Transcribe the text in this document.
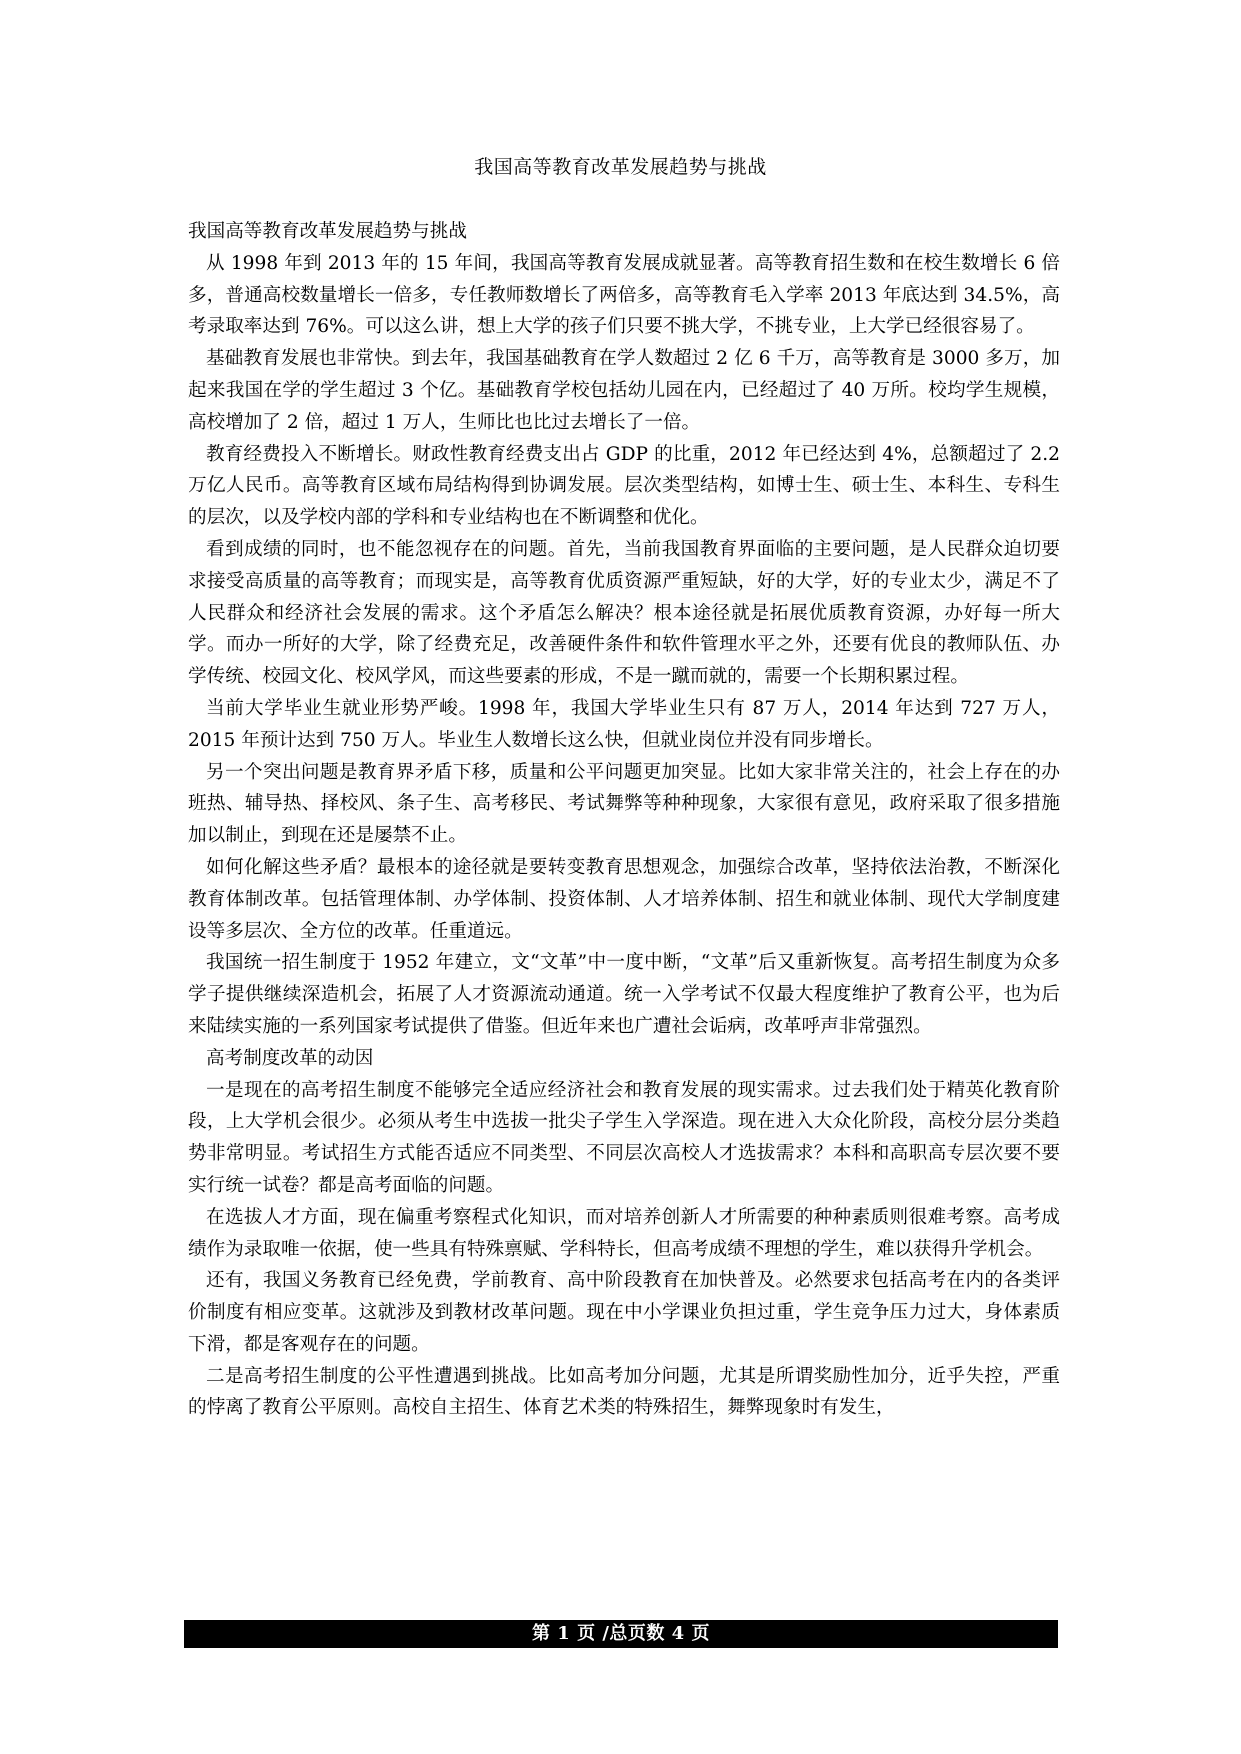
我国高等教育改革发展趋势与挑战

我国高等教育改革发展趋势与挑战

从 1998 年到 2013 年的 15 年间，我国高等教育发展成就显著。高等教育招生数和在校生数增长 6 倍多，普通高校数量增长一倍多，专任教师数增长了两倍多，高等教育毛入学率 2013 年底达到 34.5%，高考录取率达到 76%。可以这么讲，想上大学的孩子们只要不挑大学，不挑专业，上大学已经很容易了。

基础教育发展也非常快。到去年，我国基础教育在学人数超过 2 亿 6 千万，高等教育是 3000 多万，加起来我国在学的学生超过 3 个亿。基础教育学校包括幼儿园在内，已经超过了 40 万所。校均学生规模，高校增加了 2 倍，超过 1 万人，生师比也比过去增长了一倍。

教育经费投入不断增长。财政性教育经费支出占 GDP 的比重，2012 年已经达到 4%，总额超过了 2.2 万亿人民币。高等教育区域布局结构得到协调发展。层次类型结构，如博士生、硕士生、本科生、专科生的层次，以及学校内部的学科和专业结构也在不断调整和优化。

看到成绩的同时，也不能忽视存在的问题。首先，当前我国教育界面临的主要问题，是人民群众迫切要求接受高质量的高等教育；而现实是，高等教育优质资源严重短缺，好的大学，好的专业太少，满足不了人民群众和经济社会发展的需求。这个矛盾怎么解决？根本途径就是拓展优质教育资源，办好每一所大学。而办一所好的大学，除了经费充足，改善硬件条件和软件管理水平之外，还要有优良的教师队伍、办学传统、校园文化、校风学风，而这些要素的形成，不是一蹴而就的，需要一个长期积累过程。

当前大学毕业生就业形势严峻。1998 年，我国大学毕业生只有 87 万人，2014 年达到 727 万人，2015 年预计达到 750 万人。毕业生人数增长这么快，但就业岗位并没有同步增长。

另一个突出问题是教育界矛盾下移，质量和公平问题更加突显。比如大家非常关注的，社会上存在的办班热、辅导热、择校风、条子生、高考移民、考试舞弊等种种现象，大家很有意见，政府采取了很多措施加以制止，到现在还是屡禁不止。

如何化解这些矛盾？最根本的途径就是要转变教育思想观念，加强综合改革，坚持依法治教，不断深化教育体制改革。包括管理体制、办学体制、投资体制、人才培养体制、招生和就业体制、现代大学制度建设等多层次、全方位的改革。任重道远。

我国统一招生制度于 1952 年建立，文“文革”中一度中断，“文革”后又重新恢复。高考招生制度为众多学子提供继续深造机会，拓展了人才资源流动通道。统一入学考试不仅最大程度维护了教育公平，也为后来陆续实施的一系列国家考试提供了借鉴。但近年来也广遭社会诟病，改革呼声非常强烈。

高考制度改革的动因

一是现在的高考招生制度不能够完全适应经济社会和教育发展的现实需求。过去我们处于精英化教育阶段，上大学机会很少。必须从考生中选拔一批尖子学生入学深造。现在进入大众化阶段，高校分层分类趋势非常明显。考试招生方式能否适应不同类型、不同层次高校人才选拔需求？本科和高职高专层次要不要实行统一试卷？都是高考面临的问题。

在选拔人才方面，现在偏重考察程式化知识，而对培养创新人才所需要的种种素质则很难考察。高考成绩作为录取唯一依据，使一些具有特殊禀赋、学科特长，但高考成绩不理想的学生，难以获得升学机会。

还有，我国义务教育已经免费，学前教育、高中阶段教育在加快普及。必然要求包括高考在内的各类评价制度有相应变革。这就涉及到教材改革问题。现在中小学课业负担过重，学生竞争压力过大，身体素质下滑，都是客观存在的问题。

二是高考招生制度的公平性遭遇到挑战。比如高考加分问题，尤其是所谓奖励性加分，近乎失控，严重的悖离了教育公平原则。高校自主招生、体育艺术类的特殊招生，舞弊现象时有发生，

第 1 页 /总页数 4 页
